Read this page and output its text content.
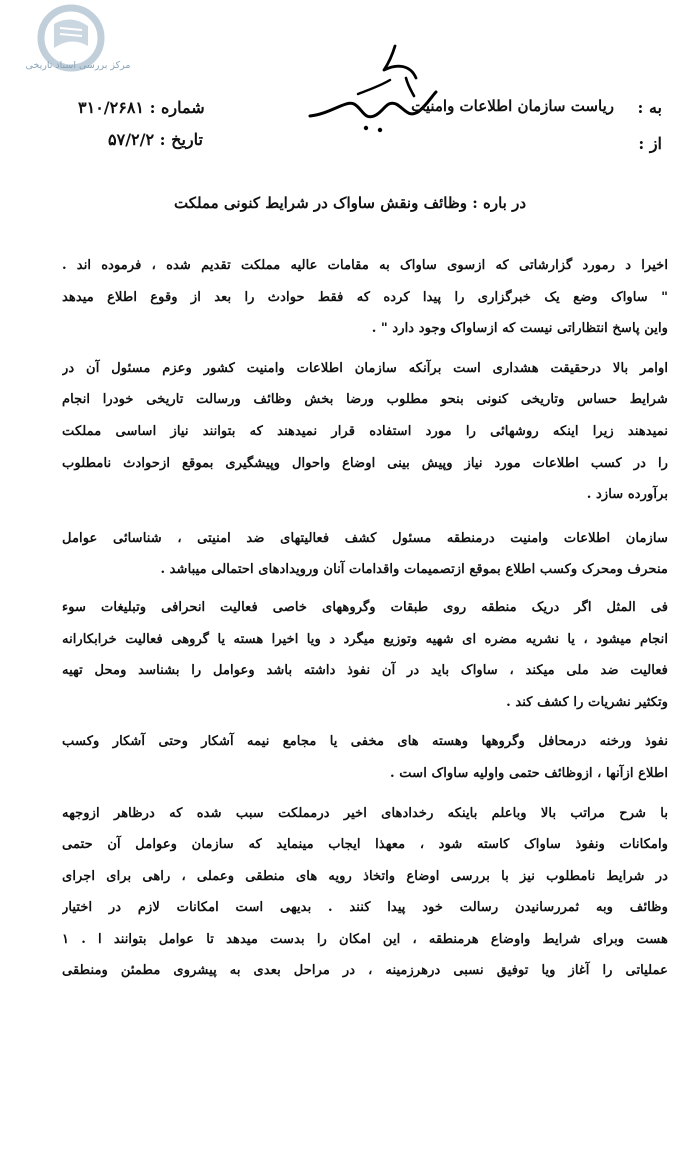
مرکز بررسی اسناد تاریخی
به :
ریاست سازمان اطلاعات وامنیت
از :
شماره : ۳۱۰/۲۶۸۱
تاریخ : ۵۷/۲/۲
در باره : وظائف ونقش ساواک در شرایط کنونی مملکت
اخیرا د رمورد گزارشاتی که ازسوی ساواک به مقامات عالیه مملکت تقدیم شده ، فرموده اند .
" ساواک وضع یک خبرگزاری را پیدا کرده که فقط حوادث را بعد از وقوع اطلاع میدهد
واین پاسخ انتظاراتی نیست که ازساواک وجود دارد " .
اوامر بالا درحقیقت هشداری است برآنکه سازمان اطلاعات وامنیت کشور وعزم مسئول آن در
شرایط حساس وتاریخی کنونی بنحو مطلوب ورضا بخش وظائف ورسالت تاریخی خودرا انجام
نمیدهند زیرا اینکه روشهائی را مورد استفاده قرار نمیدهند که بتوانند نیاز اساسی مملکت
را در کسب اطلاعات مورد نیاز وپیش بینی اوضاع واحوال وپیشگیری بموقع ازحوادث نامطلوب
برآورده سازد .
سازمان اطلاعات وامنیت درمنطقه مسئول کشف فعالیتهای ضد امنیتی ، شناسائی عوامل
منحرف ومحرک وکسب اطلاع بموقع ازتصمیمات واقدامات آنان ورویدادهای احتمالی میباشد .
فی المثل اگر دریک منطقه روی طبقات وگروههای خاصی فعالیت انحرافی وتبلیغات سوء
انجام میشود ، یا نشریه مضره ای شهیه وتوزیع میگرد د ویا اخیرا هسته یا گروهی فعالیت خرابکارانه
فعالیت ضد ملی میکند ، ساواک باید در آن نفوذ داشته باشد وعوامل را بشناسد ومحل تهیه
وتکثیر نشریات را کشف کند .
نفوذ ورخنه درمحافل وگروهها وهسته های مخفی یا مجامع نیمه آشکار وحتی آشکار وکسب
اطلاع ازآنها ، ازوظائف حتمی واولیه ساواک است .
با شرح مراتب بالا وباعلم باینکه رخدادهای اخیر درمملکت سبب شده که درظاهر ازوجهه
وامکانات ونفوذ ساواک کاسته شود ، معهذا ایجاب مینماید که سازمان وعوامل آن حتمی
در شرایط نامطلوب نیز با بررسی اوضاع واتخاذ رویه های منطقی وعملی ، راهی برای اجرای
وظائف وبه ثمررسانیدن رسالت خود پیدا کنند . بدیهی است امکانات لازم در اختیار
هست وبرای شرایط واوضاع هرمنطقه ، این امکان را بدست میدهد تا عوامل بتوانند ا . ۱
عملیاتی را آغاز ویا توفیق نسبی درهرزمینه ، در مراحل بعدی به پیشروی مطمئن ومنطقی
